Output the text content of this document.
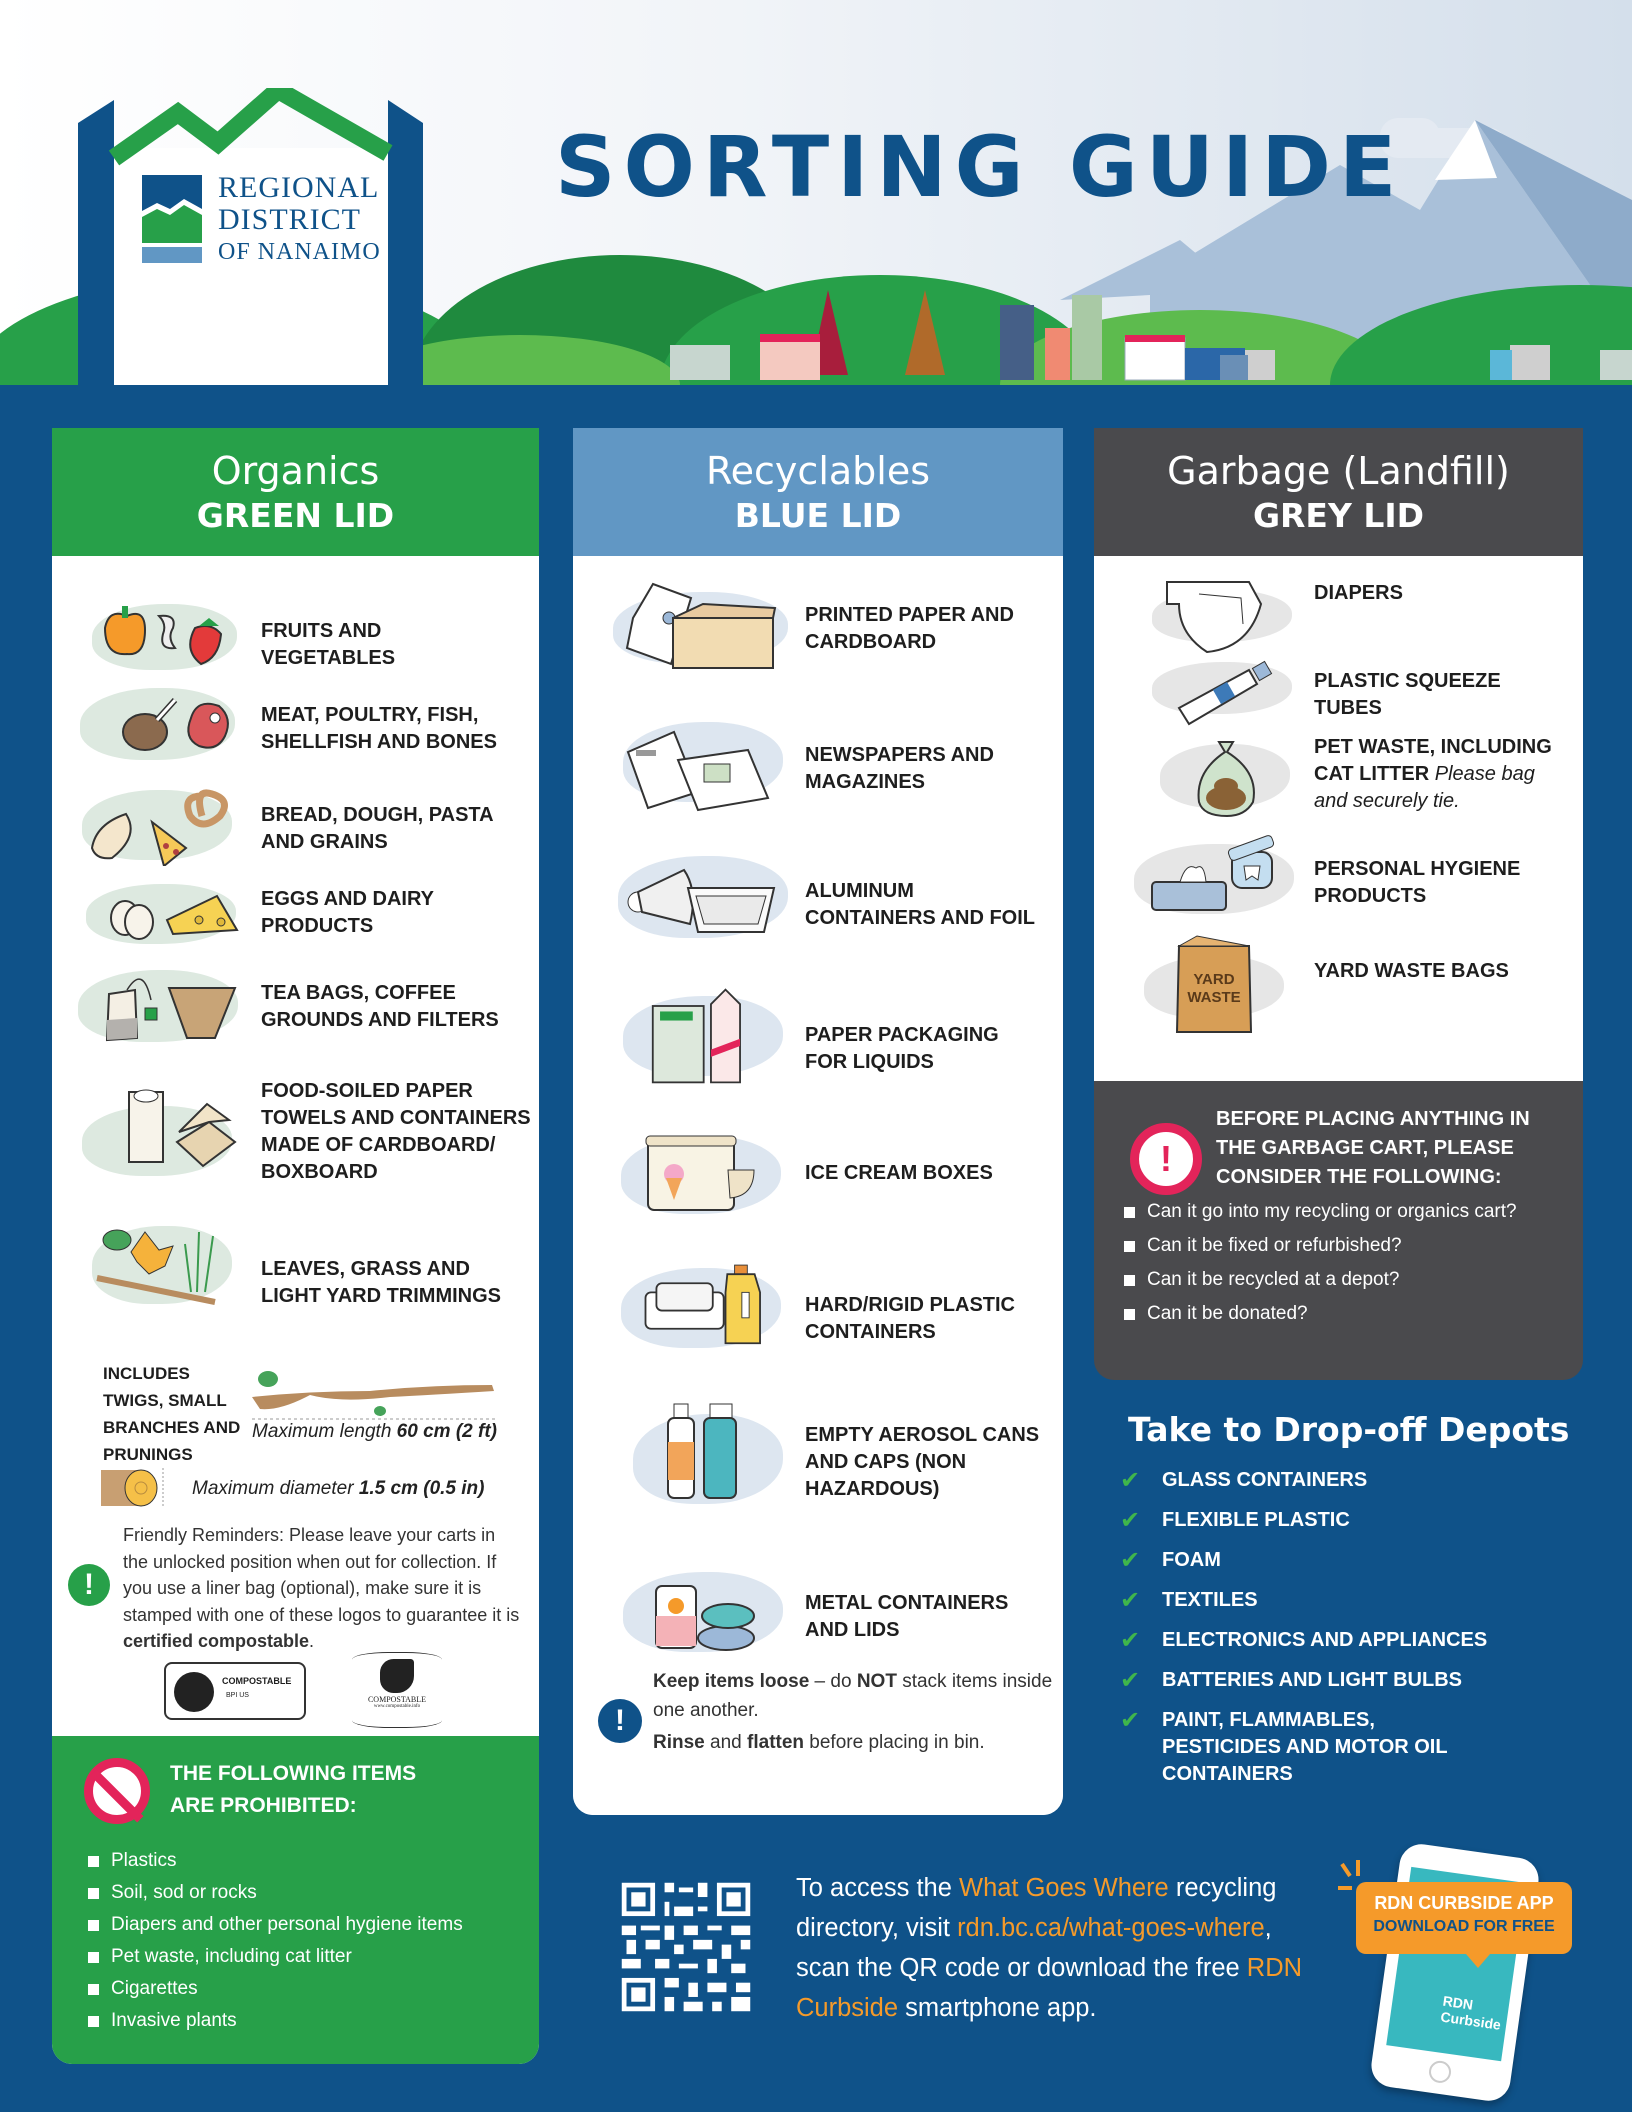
REGIONAL
DISTRICT
OF NANAIMO
SORTING GUIDE
Organics
GREEN LID
FRUITS AND VEGETABLES
MEAT, POULTRY, FISH, SHELLFISH AND BONES
BREAD, DOUGH, PASTA AND GRAINS
EGGS AND DAIRY PRODUCTS
TEA BAGS, COFFEE GROUNDS AND FILTERS
FOOD-SOILED PAPER TOWELS AND CONTAINERS MADE OF CARDBOARD/ BOXBOARD
LEAVES, GRASS AND LIGHT YARD TRIMMINGS
INCLUDES TWIGS, SMALL BRANCHES AND PRUNINGS
Maximum length 60 cm (2 ft)
Maximum diameter 1.5 cm (0.5 in)
!
Friendly Reminders: Please leave your carts in the unlocked position when out for collection. If you use a liner bag (optional), make sure it is stamped with one of these logos to guarantee it is certified compostable.
COMPOSTABLE
BPI US	COMPOSTABLE
www.compostable.info
THE FOLLOWING ITEMS ARE PROHIBITED:
Plastics
Soil, sod or rocks
Diapers and other personal hygiene items
Pet waste, including cat litter
Cigarettes
Invasive plants
Recyclables
BLUE LID
PRINTED PAPER AND CARDBOARD
NEWSPAPERS AND MAGAZINES
ALUMINUM CONTAINERS AND FOIL
PAPER PACKAGING FOR LIQUIDS
ICE CREAM BOXES
HARD/RIGID PLASTIC CONTAINERS
EMPTY AEROSOL CANS AND CAPS (NON HAZARDOUS)
METAL CONTAINERS AND LIDS
!
Keep items loose – do NOT stack items inside one another.
Rinse and flatten before placing in bin.
Garbage (Landfill)
GREY LID
DIAPERS
PLASTIC SQUEEZE TUBES
PET WASTE, INCLUDING CAT LITTER Please bag and securely tie.
PERSONAL HYGIENE PRODUCTS
YARD
WASTE
YARD WASTE BAGS
!
BEFORE PLACING ANYTHING IN THE GARBAGE CART, PLEASE CONSIDER THE FOLLOWING:
Can it go into my recycling or organics cart?
Can it be fixed or refurbished?
Can it be recycled at a depot?
Can it be donated?
Take to Drop-off Depots
✔	GLASS CONTAINERS
✔	FLEXIBLE PLASTIC
✔	FOAM
✔	TEXTILES
✔	ELECTRONICS AND APPLIANCES
✔	BATTERIES AND LIGHT BULBS
✔	PAINT, FLAMMABLES, PESTICIDES AND MOTOR OIL CONTAINERS
To access the What Goes Where recycling directory, visit rdn.bc.ca/what-goes-where, scan the QR code or download the free RDN Curbside smartphone app.	RDN Curbside
RDN CURBSIDE APP
DOWNLOAD FOR FREE
